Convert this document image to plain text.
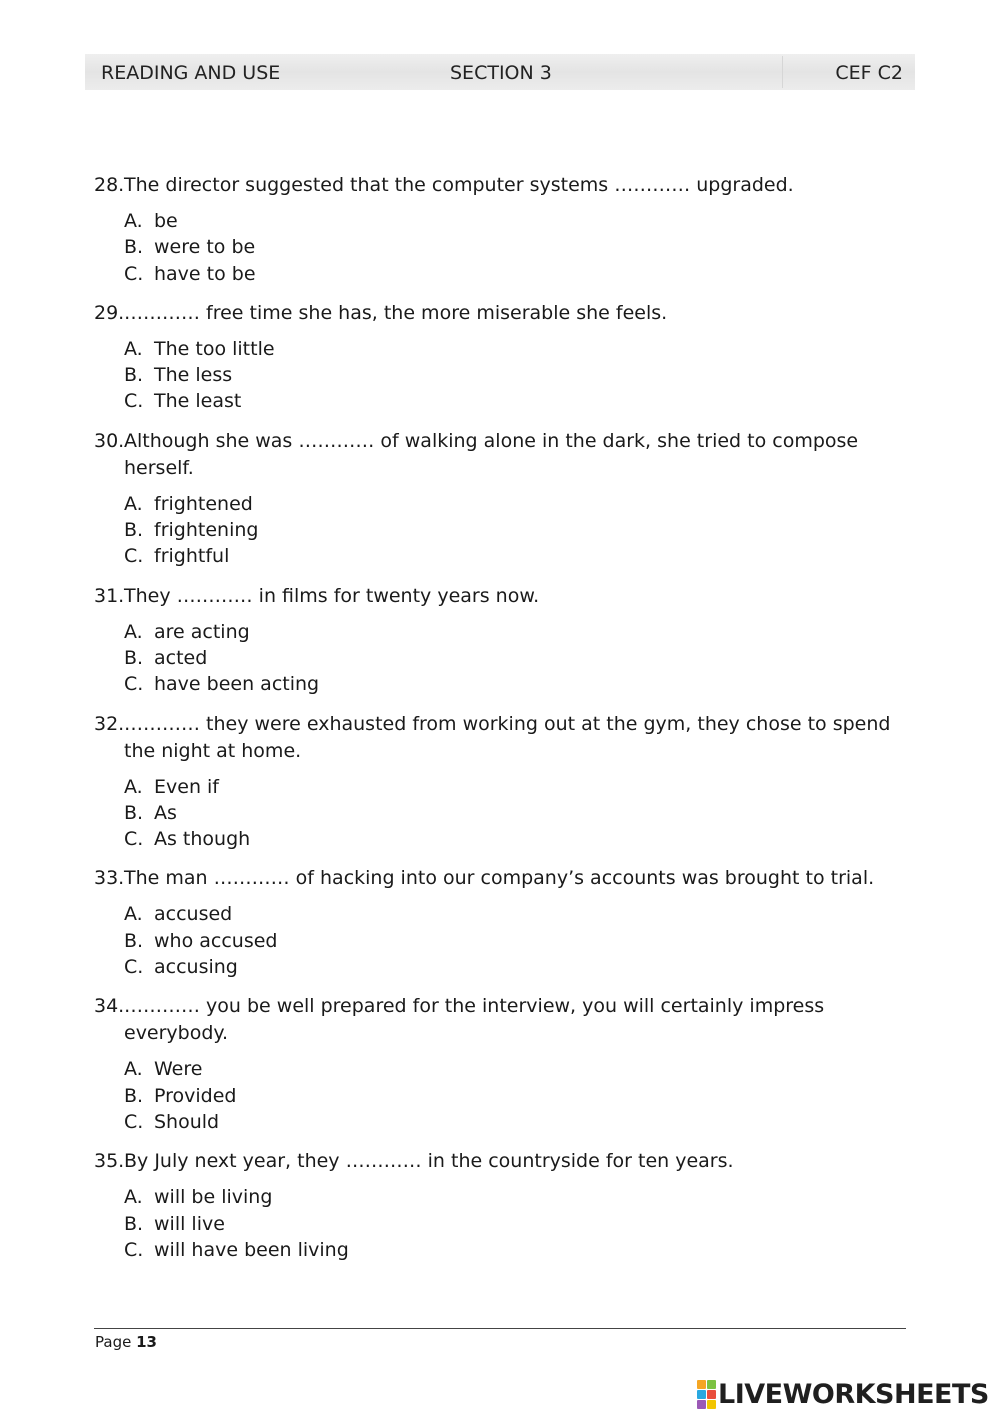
READING AND USE	SECTION 3	CEF C2
28. The director suggested that the computer systems ………… upgraded.
A. be
B. were to be
C. have to be
29. ………… free time she has, the more miserable she feels.
A. The too little
B. The less
C. The least
30. Although she was ………… of walking alone in the dark, she tried to compose herself.
A. frightened
B. frightening
C. frightful
31. They ………… in films for twenty years now.
A. are acting
B. acted
C. have been acting
32. ………… they were exhausted from working out at the gym, they chose to spend the night at home.
A. Even if
B. As
C. As though
33. The man ………… of hacking into our company’s accounts was brought to trial.
A. accused
B. who accused
C. accusing
34. ………… you be well prepared for the interview, you will certainly impress everybody.
A. Were
B. Provided
C. Should
35. By July next year, they ………… in the countryside for ten years.
A. will be living
B. will live
C. will have been living
Page 13
LIVEWORKSHEETS
